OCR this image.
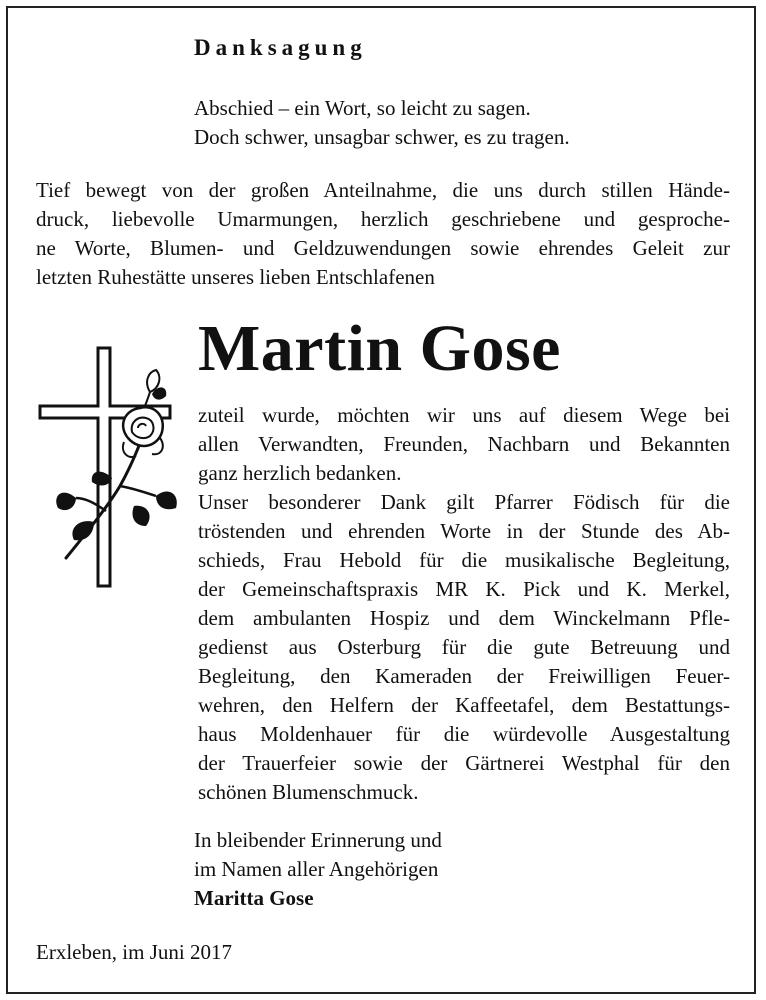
Danksagung
Abschied – ein Wort, so leicht zu sagen.
Doch schwer, unsagbar schwer, es zu tragen.
Tief bewegt von der großen Anteilnahme, die uns durch stillen Hände-
druck, liebevolle Umarmungen, herzlich geschriebene und gesproche-
ne Worte, Blumen- und Geldzuwendungen sowie ehrendes Geleit zur
letzten Ruhestätte unseres lieben Entschlafenen
Martin Gose
zuteil wurde, möchten wir uns auf diesem Wege bei
allen Verwandten, Freunden, Nachbarn und Bekannten
ganz herzlich bedanken.
Unser besonderer Dank gilt Pfarrer Födisch für die
tröstenden und ehrenden Worte in der Stunde des Ab-
schieds, Frau Hebold für die musikalische Begleitung,
der Gemeinschaftspraxis MR K. Pick und K. Merkel,
dem ambulanten Hospiz und dem Winckelmann Pfle-
gedienst aus Osterburg für die gute Betreuung und
Begleitung, den Kameraden der Freiwilligen Feuer-
wehren, den Helfern der Kaffeetafel, dem Bestattungs-
haus Moldenhauer für die würdevolle Ausgestaltung
der Trauerfeier sowie der Gärtnerei Westphal für den
schönen Blumenschmuck.
In bleibender Erinnerung und
im Namen aller Angehörigen
Maritta Gose
Erxleben, im Juni 2017
